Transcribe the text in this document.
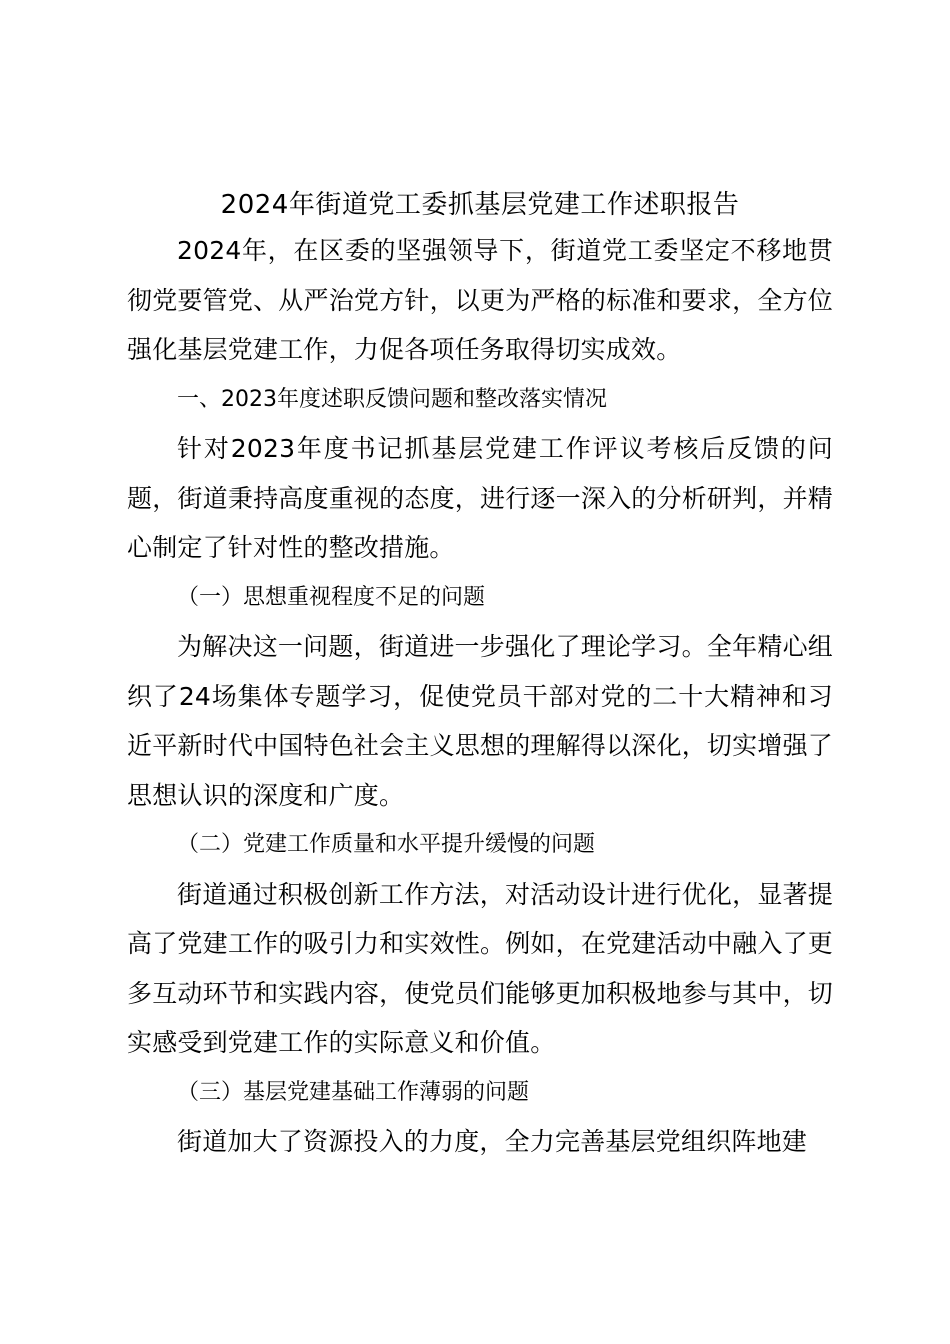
2024年街道党工委抓基层党建工作述职报告

2024年，在区委的坚强领导下，街道党工委坚定不移地贯彻党要管党、从严治党方针，以更为严格的标准和要求，全方位强化基层党建工作，力促各项任务取得切实成效。

一、2023年度述职反馈问题和整改落实情况

针对2023年度书记抓基层党建工作评议考核后反馈的问题，街道秉持高度重视的态度，进行逐一深入的分析研判，并精心制定了针对性的整改措施。

（一）思想重视程度不足的问题

为解决这一问题，街道进一步强化了理论学习。全年精心组织了24场集体专题学习，促使党员干部对党的二十大精神和习近平新时代中国特色社会主义思想的理解得以深化，切实增强了思想认识的深度和广度。

（二）党建工作质量和水平提升缓慢的问题

街道通过积极创新工作方法，对活动设计进行优化，显著提高了党建工作的吸引力和实效性。例如，在党建活动中融入了更多互动环节和实践内容，使党员们能够更加积极地参与其中，切实感受到党建工作的实际意义和价值。

（三）基层党建基础工作薄弱的问题

街道加大了资源投入的力度，全力完善基层党组织阵地建
